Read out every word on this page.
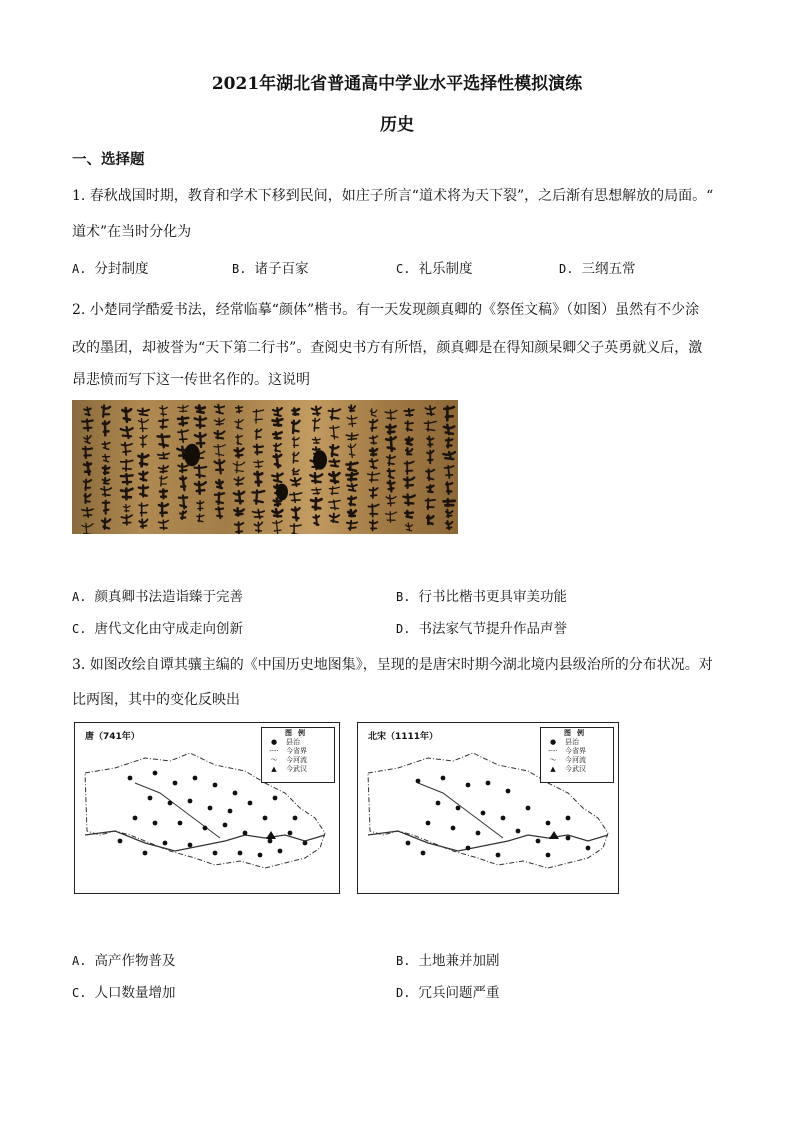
2021年湖北省普通高中学业水平选择性模拟演练
历史
一、选择题
1. 春秋战国时期，教育和学术下移到民间，如庄子所言“道术将为天下裂”，之后渐有思想解放的局面。“
道术”在当时分化为
A. 分封制度	B. 诸子百家	C. 礼乐制度	D. 三纲五常
2. 小楚同学酷爱书法，经常临摹“颜体”楷书。有一天发现颜真卿的《祭侄文稿》（如图）虽然有不少涂
改的墨团，却被誉为“天下第二行书”。查阅史书方有所悟，颜真卿是在得知颜杲卿父子英勇就义后，激
昂悲愤而写下这一传世名作的。这说明
A. 颜真卿书法造诣臻于完善	B. 行书比楷书更具审美功能
C. 唐代文化由守成走向创新	D. 书法家气节提升作品声誉
3. 如图改绘自谭其骧主编的《中国历史地图集》，呈现的是唐宋时期今湖北境内县级治所的分布状况。对
比两图，其中的变化反映出
唐（741年）	图例
●	县治
-·-·	今省界
〜	今河流
▲	今武汉
北宋（1111年）	图例
●	县治
-·-·	今省界
〜	今河流
▲	今武汉
A. 高产作物普及	B. 土地兼并加剧
C. 人口数量增加	D. 冗兵问题严重
